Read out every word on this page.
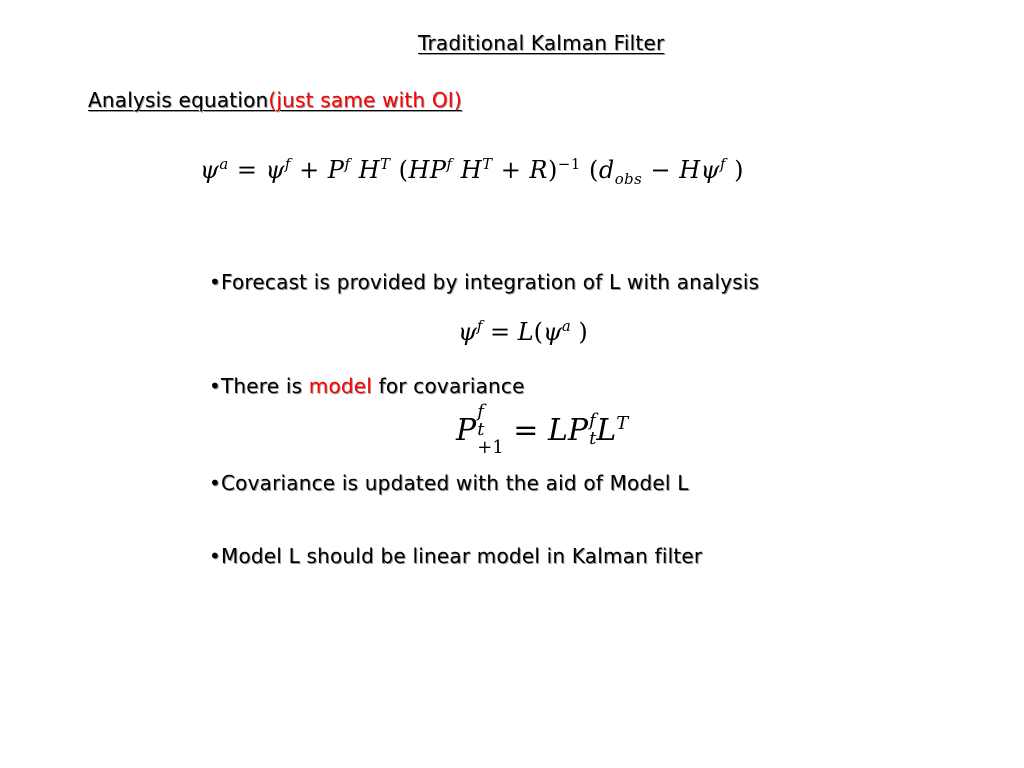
Traditional Kalman Filter
Analysis equation(just same with OI)
$\psi^a = \psi^f + P^f$ $H^T$ ($HP^f$ $H^T + R)^{-1}$ ($d_{obs} - H\psi^f$ )
•Forecast is provided by integration of L with analysis
$\psi^f = L(\psi^a$ )
•There is model for covariance
P
f
t
+1 = LP f
t $L^T$
•Covariance is updated with the aid of Model L
•Model L should be linear model in Kalman filter
